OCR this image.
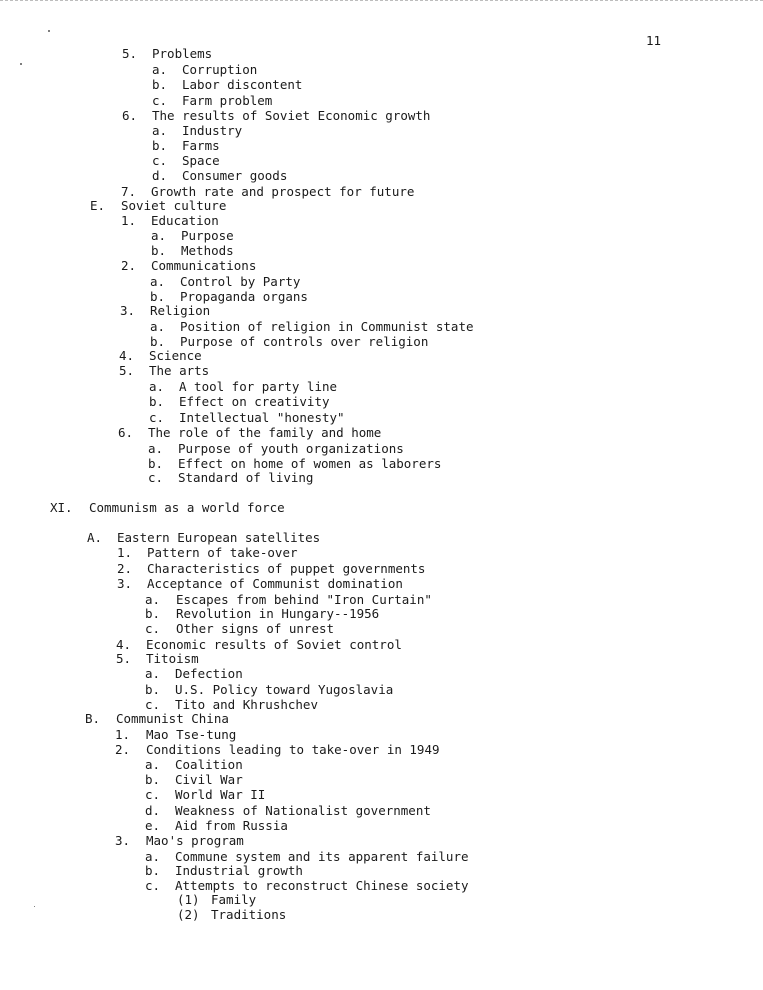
11
5. Problems
a. Corruption
b. Labor discontent
c. Farm problem
6. The results of Soviet Economic growth
a. Industry
b. Farms
c. Space
d. Consumer goods
7. Growth rate and prospect for future
E. Soviet culture
1. Education
a. Purpose
b. Methods
2. Communications
a. Control by Party
b. Propaganda organs
3. Religion
a. Position of religion in Communist state
b. Purpose of controls over religion
4. Science
5. The arts
a. A tool for party line
b. Effect on creativity
c. Intellectual "honesty"
6. The role of the family and home
a. Purpose of youth organizations
b. Effect on home of women as laborers
c. Standard of living
XI. Communism as a world force
A. Eastern European satellites
1. Pattern of take-over
2. Characteristics of puppet governments
3. Acceptance of Communist domination
a. Escapes from behind "Iron Curtain"
b. Revolution in Hungary--1956
c. Other signs of unrest
4. Economic results of Soviet control
5. Titoism
a. Defection
b. U.S. Policy toward Yugoslavia
c. Tito and Khrushchev
B. Communist China
1. Mao Tse-tung
2. Conditions leading to take-over in 1949
a. Coalition
b. Civil War
c. World War II
d. Weakness of Nationalist government
e. Aid from Russia
3. Mao's program
a. Commune system and its apparent failure
b. Industrial growth
c. Attempts to reconstruct Chinese society
(1) Family
(2) Traditions
